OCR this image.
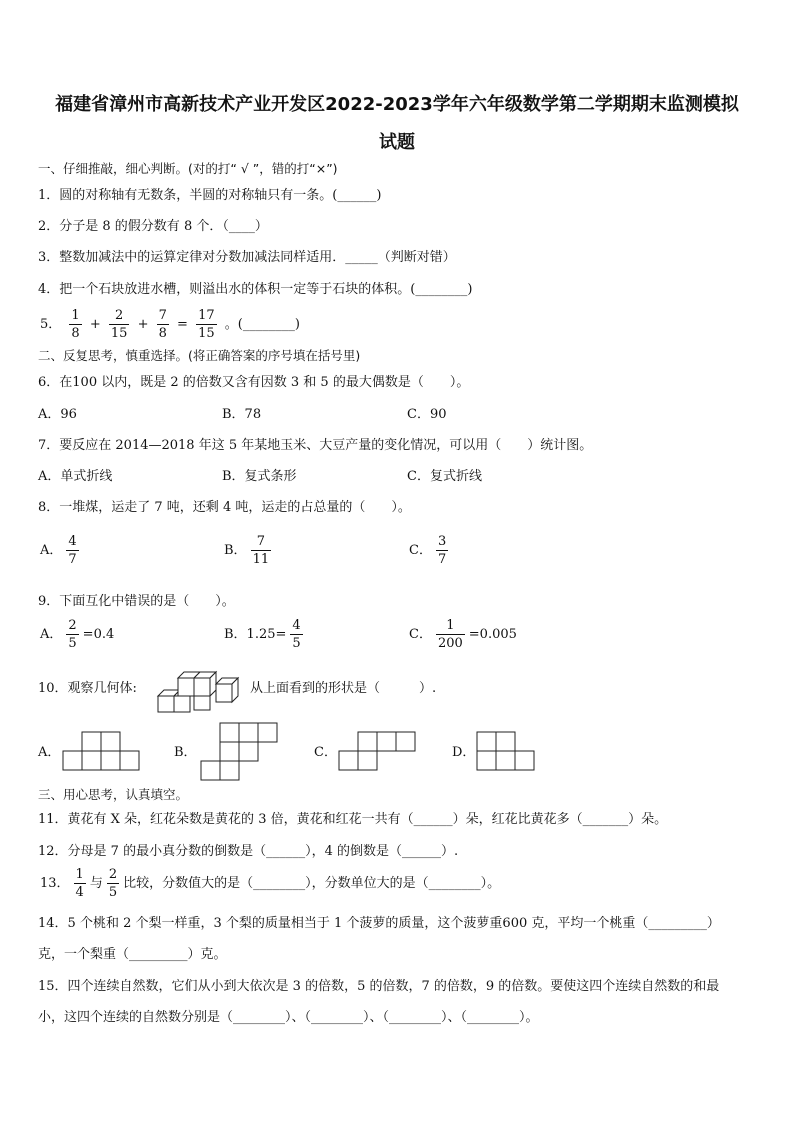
福建省漳州市高新技术产业开发区2022-2023学年六年级数学第二学期期末监测模拟
试题
一、仔细推敲，细心判断。(对的打“ √ ”，错的打“×”)
1．圆的对称轴有无数条，半圆的对称轴只有一条。(______)
2．分子是 8 的假分数有 8 个．（____）
3．整数加减法中的运算定律对分数加减法同样适用．_____（判断对错）
4．把一个石块放进水槽，则溢出水的体积一定等于石块的体积。(________)
5． $\frac{1}{8} + \frac{2}{15} + \frac{7}{8} = \frac{17}{15}$ 。(________)
二、反复思考，慎重选择。(将正确答案的序号填在括号里)
6．在100 以内，既是 2 的倍数又含有因数 3 和 5 的最大偶数是（　　）。
A．96	B．78	C．90
7．要反应在 2014—2018 年这 5 年某地玉米、大豆产量的变化情况，可以用（　　）统计图。
A．单式折线	B．复式条形	C．复式折线
8．一堆煤，运走了 7 吨，还剩 4 吨，运走的占总量的（　　）。
A． $\frac{4}{7}$	B． $\frac{7}{11}$	C． $\frac{3}{7}$
9．下面互化中错误的是（　　）。
A． $\frac{2}{5} =0.4$	B．$1.25= \frac{4}{5}$	C． $\frac{1}{200} =0.005$
10．观察几何体:	从上面看到的形状是（　　　）.
A．	B．	C．	D．
三、用心思考，认真填空。
11．黄花有 X 朵，红花朵数是黄花的 3 倍，黄花和红花一共有（______）朵，红花比黄花多（_______）朵。
12．分母是 7 的最小真分数的倒数是（______），4 的倒数是（______）.
13． $\frac{1}{4}$ 与 $\frac{2}{5}$ 比较，分数值大的是（________），分数单位大的是（________）。
14．5 个桃和 2 个梨一样重，3 个梨的质量相当于 1 个菠萝的质量，这个菠萝重600 克，平均一个桃重（_________）
克，一个梨重（_________）克。
15．四个连续自然数，它们从小到大依次是 3 的倍数，5 的倍数，7 的倍数，9 的倍数。要使这四个连续自然数的和最
小，这四个连续的自然数分别是（________）、（________）、（________）、（________）。
